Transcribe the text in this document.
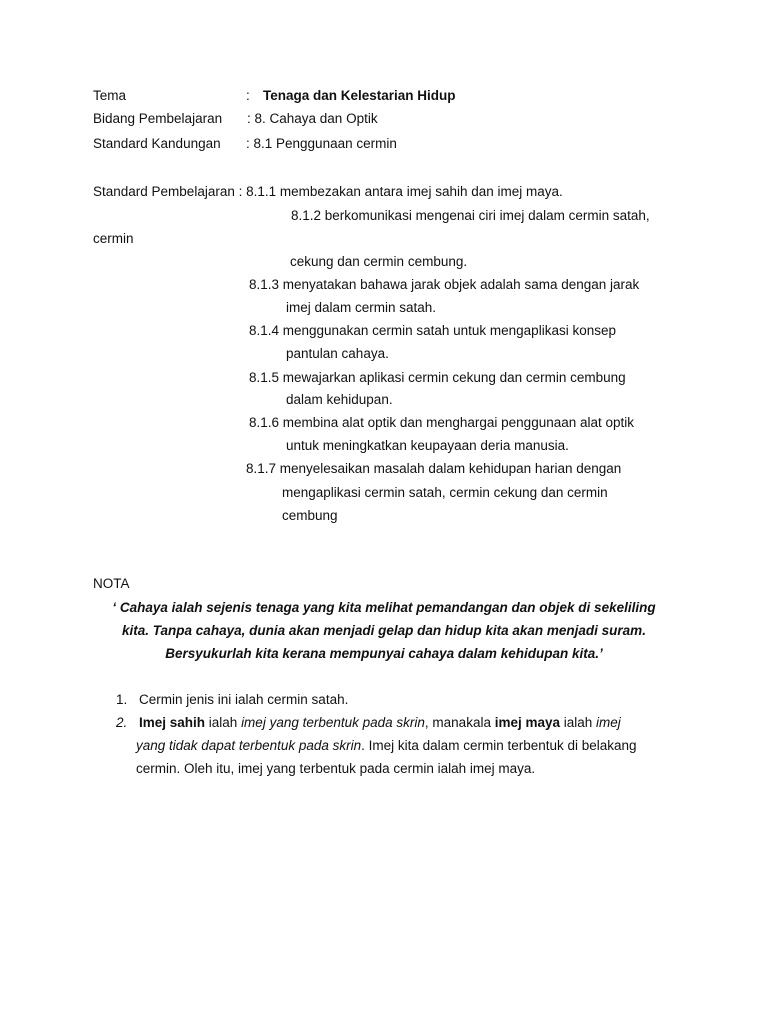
Tema	: Tenaga dan Kelestarian Hidup
Bidang Pembelajaran : 8. Cahaya dan Optik
Standard Kandungan : 8.1 Penggunaan cermin
Standard Pembelajaran : 8.1.1 membezakan antara imej sahih dan imej maya.
8.1.2 berkomunikasi mengenai ciri imej dalam cermin satah,
cermin
cekung dan cermin cembung.
8.1.3 menyatakan bahawa jarak objek adalah sama dengan jarak
imej dalam cermin satah.
8.1.4 menggunakan cermin satah untuk mengaplikasi konsep
pantulan cahaya.
8.1.5 mewajarkan aplikasi cermin cekung dan cermin cembung
dalam kehidupan.
8.1.6 membina alat optik dan menghargai penggunaan alat optik
untuk meningkatkan keupayaan deria manusia.
8.1.7 menyelesaikan masalah dalam kehidupan harian dengan
mengaplikasi cermin satah, cermin cekung dan cermin
cembung
NOTA
‘ Cahaya ialah sejenis tenaga yang kita melihat pemandangan dan objek di sekeliling
kita. Tanpa cahaya, dunia akan menjadi gelap dan hidup kita akan menjadi suram.
Bersyukurlah kita kerana mempunyai cahaya dalam kehidupan kita.’
1. Cermin jenis ini ialah cermin satah.
2. Imej sahih ialah imej yang terbentuk pada skrin, manakala imej maya ialah imej
yang tidak dapat terbentuk pada skrin. Imej kita dalam cermin terbentuk di belakang
cermin. Oleh itu, imej yang terbentuk pada cermin ialah imej maya.
